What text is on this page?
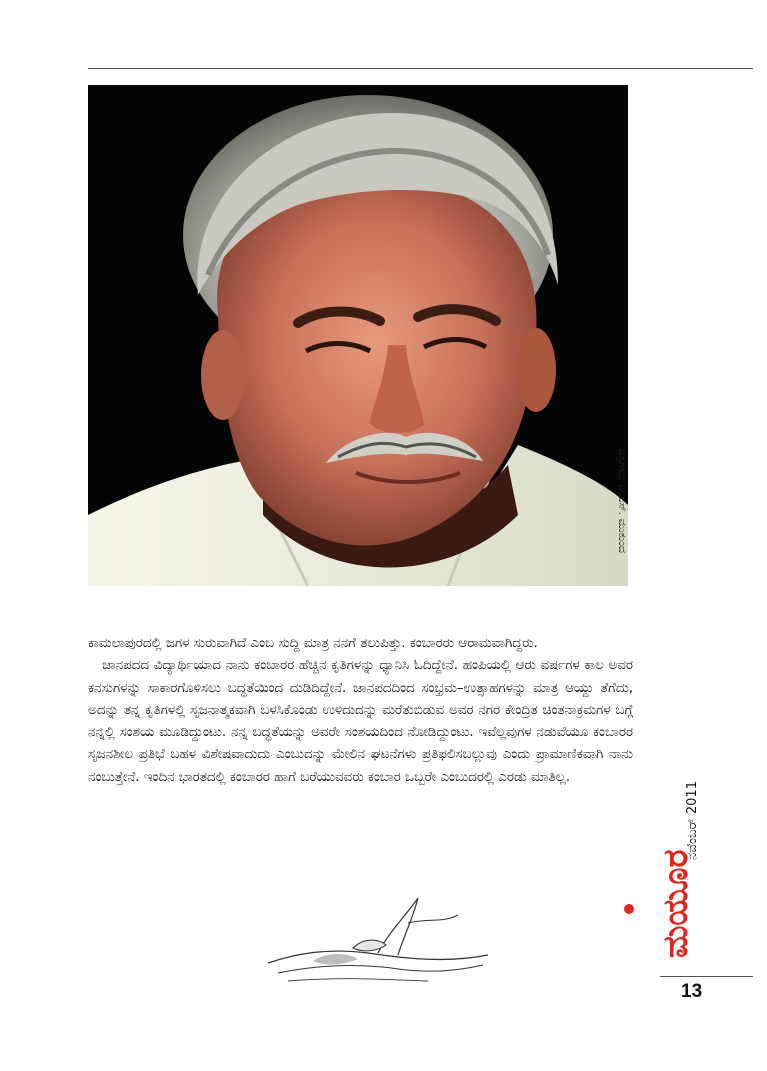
ಚಿತ್ರಗಳು: ಬಿ.ಎಸ್. ಮುಕುಂದ

ಕಾಮಲಾಪುರದಲ್ಲಿ ಜಗಳ ಸುರುವಾಗಿದೆ ಎಂಬ ಸುದ್ದಿ ಮಾತ್ರ ನನಗೆ ತಲುಪಿತ್ತು. ಕಂಬಾರರು ಆರಾಮವಾಗಿದ್ದರು.

ಜಾನಪದದ ವಿದ್ಯಾರ್ಥಿಯಾದ ನಾನು ಕಂಬಾರರ ಹೆಚ್ಚಿನ ಕೃತಿಗಳನ್ನು ಧ್ಯಾನಿಸಿ ಓದಿದ್ದೇನೆ. ಹಂಪಿಯಲ್ಲಿ ಆರು ವರ್ಷಗಳ ಕಾಲ ಅವರ ಕನಸುಗಳನ್ನು ಸಾಕಾರಗೊಳಿಸಲು ಬದ್ಧತೆಯಿಂದ ದುಡಿದಿದ್ದೇನೆ. ಜಾನಪದದಿಂದ ಸಂಭ್ರಮ–ಉತ್ಸಾಹಗಳನ್ನು ಮಾತ್ರ ಆಯ್ದು ತೆಗೆದು, ಅದನ್ನು ತನ್ನ ಕೃತಿಗಳಲ್ಲಿ ಸೃಜನಾತ್ಮಕವಾಗಿ ಬಳಸಿಕೊಂಡು ಉಳಿದುದನ್ನು ಮರೆತುಬಿಡುವ ಅವರ ನಗರ ಕೇಂದ್ರಿತ ಚಿಂತನಾಕ್ರಮಗಳ ಬಗ್ಗೆ ನನ್ನಲ್ಲಿ ಸಂಶಯ ಮೂಡಿದ್ದುಂಟು. ನನ್ನ ಬದ್ಧತೆಯನ್ನು ಅವರೇ ಸಂಶಯದಿಂದ ನೋಡಿದ್ದುಂಟು. ಇವೆಲ್ಲವುಗಳ ನಡುವೆಯೂ ಕಂಬಾರರ ಸೃಜನಶೀಲ ಪ್ರತಿಭೆ ಬಹಳ ವಿಶೇಷವಾದುದು ಎಂಬುದನ್ನು ಮೇಲಿನ ಘಟನೆಗಳು ಪ್ರತಿಫಲಿಸಬಲ್ಲುವು ಎಂದು ಪ್ರಾಮಾಣಿಕವಾಗಿ ನಾನು ನಂಬುತ್ತೇನೆ. ಇಂದಿನ ಭಾರತದಲ್ಲಿ ಕಂಬಾರರ ಹಾಗೆ ಬರೆಯುವವರು ಕಂಬಾರ ಒಬ್ಬರೇ ಎಂಬುದರಲ್ಲಿ ಎರಡು ಮಾತಿಲ್ಲ.

ಮಯೂರ
ನವೆಂಬರ್ 2011
13
